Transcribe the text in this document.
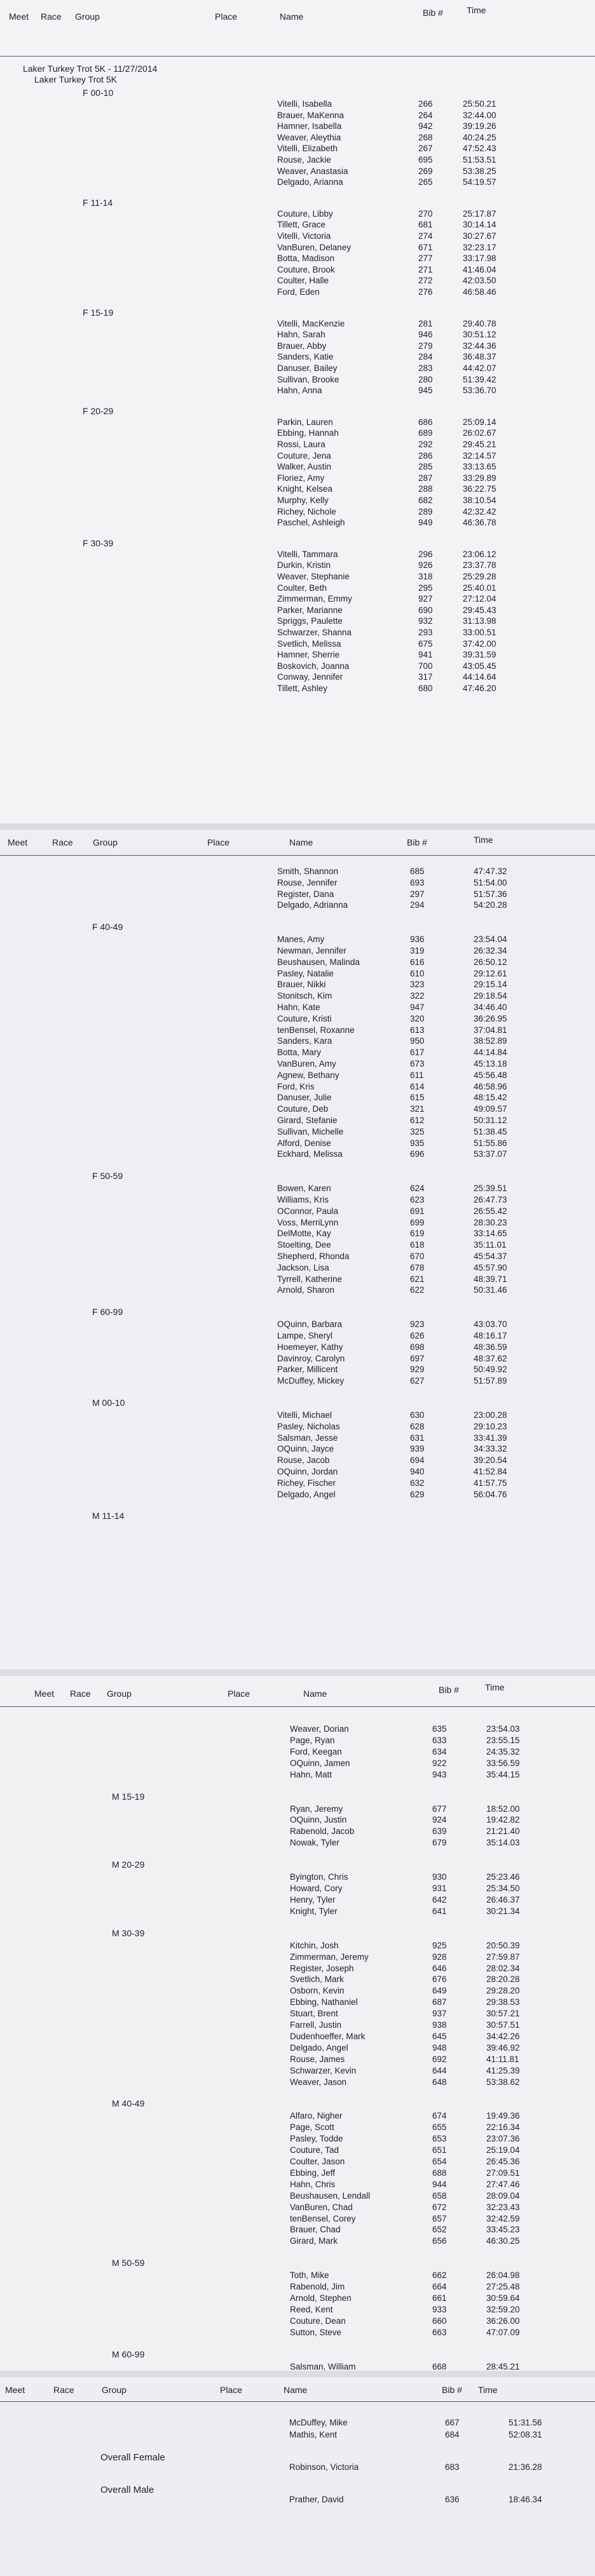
Meet Race Group	Place	Name	Bib #	Time
Laker Turkey Trot 5K - 11/27/2014
Laker Turkey Trot 5K
F 00-10
Vitelli, Isabella	266	25:50.21
Brauer, MaKenna	264	32:44.00
Hamner, Isabella	942	39:19.26
Weaver, Aleythia	268	40:24.25
Vitelli, Elizabeth	267	47:52.43
Rouse, Jackie	695	51:53.51
Weaver, Anastasia	269	53:38.25
Delgado, Arianna	265	54:19.57
F 11-14
Couture, Libby	270	25:17.87
Tillett, Grace	681	30:14.14
Vitelli, Victoria	274	30:27.67
VanBuren, Delaney	671	32:23.17
Botta, Madison	277	33:17.98
Couture, Brook	271	41:46.04
Coulter, Halle	272	42:03.50
Ford, Eden	276	46:58.46
F 15-19
Vitelli, MacKenzie	281	29:40.78
Hahn, Sarah	946	30:51.12
Brauer, Abby	279	32:44.36
Sanders, Katie	284	36:48.37
Danuser, Bailey	283	44:42.07
Sullivan, Brooke	280	51:39.42
Hahn, Anna	945	53:36.70
F 20-29
Parkin, Lauren	686	25:09.14
Ebbing, Hannah	689	26:02.67
Rossi, Laura	292	29:45.21
Couture, Jena	286	32:14.57
Walker, Austin	285	33:13.65
Floriez, Amy	287	33:29.89
Knight, Kelsea	288	36:22.75
Murphy, Kelly	682	38:10.54
Richey, Nichole	289	42:32.42
Paschel, Ashleigh	949	46:36.78
F 30-39
Vitelli, Tammara	296	23:06.12
Durkin, Kristin	926	23:37.78
Weaver, Stephanie	318	25:29.28
Coulter, Beth	295	25:40.01
Zimmerman, Emmy	927	27:12.04
Parker, Marianne	690	29:45.43
Spriggs, Paulette	932	31:13.98
Schwarzer, Shanna	293	33:00.51
Svetlich, Melissa	675	37:42.00
Hamner, Sherrie	941	39:31.59
Boskovich, Joanna	700	43:05.45
Conway, Jennifer	317	44:14.64
Tillett, Ashley	680	47:46.20
Meet	Race Group	Place	Name	Bib #	Time
Smith, Shannon	685	47:47.32
Rouse, Jennifer	693	51:54.00
Register, Dana	297	51:57.36
Delgado, Adrianna	294	54:20.28
F 40-49
Manes, Amy	936	23:54.04
Newman, Jennifer	319	26:32.34
Beushausen, Malinda	616	26:50.12
Pasley, Natalie	610	29:12.61
Brauer, Nikki	323	29:15.14
Stonitsch, Kim	322	29:18.54
Hahn, Kate	947	34:46.40
Couture, Kristi	320	36:26.95
tenBensel, Roxanne	613	37:04.81
Sanders, Kara	950	38:52.89
Botta, Mary	617	44:14.84
VanBuren, Amy	673	45:13.18
Agnew, Bethany	611	45:56.48
Ford, Kris	614	46:58.96
Danuser, Julie	615	48:15.42
Couture, Deb	321	49:09.57
Girard, Stefanie	612	50:31.12
Sullivan, Michelle	325	51:38.45
Alford, Denise	935	51:55.86
Eckhard, Melissa	696	53:37.07
F 50-59
Bowen, Karen	624	25:39.51
Williams, Kris	623	26:47.73
OConnor, Paula	691	26:55.42
Voss, MerriLynn	699	28:30.23
DelMotte, Kay	619	33:14.65
Stoelting, Dee	618	35:11.01
Shepherd, Rhonda	670	45:54.37
Jackson, Lisa	678	45:57.90
Tyrrell, Katherine	621	48:39.71
Arnold, Sharon	622	50:31.46
F 60-99
OQuinn, Barbara	923	43:03.70
Lampe, Sheryl	626	48:16.17
Hoemeyer, Kathy	698	48:36.59
Davinroy, Carolyn	697	48:37.62
Parker, Millicent	929	50:49.92
McDuffey, Mickey	627	51:57.89
M 00-10
Vitelli, Michael	630	23:00.28
Pasley, Nicholas	628	29:10.23
Salsman, Jesse	631	33:41.39
OQuinn, Jayce	939	34:33.32
Rouse, Jacob	694	39:20.54
OQuinn, Jordan	940	41:52.84
Richey, Fischer	632	41:57.75
Delgado, Angel	629	56:04.76
M 11-14
Meet Race Group	Place	Name	Bib #	Time
Weaver, Dorian	635	23:54.03
Page, Ryan	633	23:55.15
Ford, Keegan	634	24:35.32
OQuinn, Jamen	922	33:56.59
Hahn, Matt	943	35:44.15
M 15-19
Ryan, Jeremy	677	18:52.00
OQuinn, Justin	924	19:42.82
Rabenold, Jacob	639	21:21.40
Nowak, Tyler	679	35:14.03
M 20-29
Byington, Chris	930	25:23.46
Howard, Cory	931	25:34.50
Henry, Tyler	642	26:46.37
Knight, Tyler	641	30:21.34
M 30-39
Kitchin, Josh	925	20:50.39
Zimmerman, Jeremy	928	27:59.87
Register, Joseph	646	28:02.34
Svetlich, Mark	676	28:20.28
Osborn, Kevin	649	29:28.20
Ebbing, Nathaniel	687	29:38.53
Stuart, Brent	937	30:57.21
Farrell, Justin	938	30:57.51
Dudenhoeffer, Mark	645	34:42.26
Delgado, Angel	948	39:46.92
Rouse, James	692	41:11.81
Schwarzer, Kevin	644	41:25.39
Weaver, Jason	648	53:38.62
M 40-49
Alfaro, Nigher	674	19:49.36
Page, Scott	655	22:16.34
Pasley, Todde	653	23:07.36
Couture, Tad	651	25:19.04
Coulter, Jason	654	26:45.36
Ebbing, Jeff	688	27:09.51
Hahn, Chris	944	27:47.46
Beushausen, Lendall	658	28:09.04
VanBuren, Chad	672	32:23.43
tenBensel, Corey	657	32:42.59
Brauer, Chad	652	33:45.23
Girard, Mark	656	46:30.25
M 50-59
Toth, Mike	662	26:04.98
Rabenold, Jim	664	27:25.48
Arnold, Stephen	661	30:59.64
Reed, Kent	933	32:59.20
Couture, Dean	660	36:26.00
Sutton, Steve	663	47:07.09
M 60-99
Salsman, William	668	28:45.21
Meet	Race	Group	Place	Name	Bib # Time
McDuffey, Mike	667	51:31.56
Mathis, Kent	684	52:08.31
Overall Female
Robinson, Victoria	683	21:36.28
Overall Male
Prather, David	636	18:46.34
